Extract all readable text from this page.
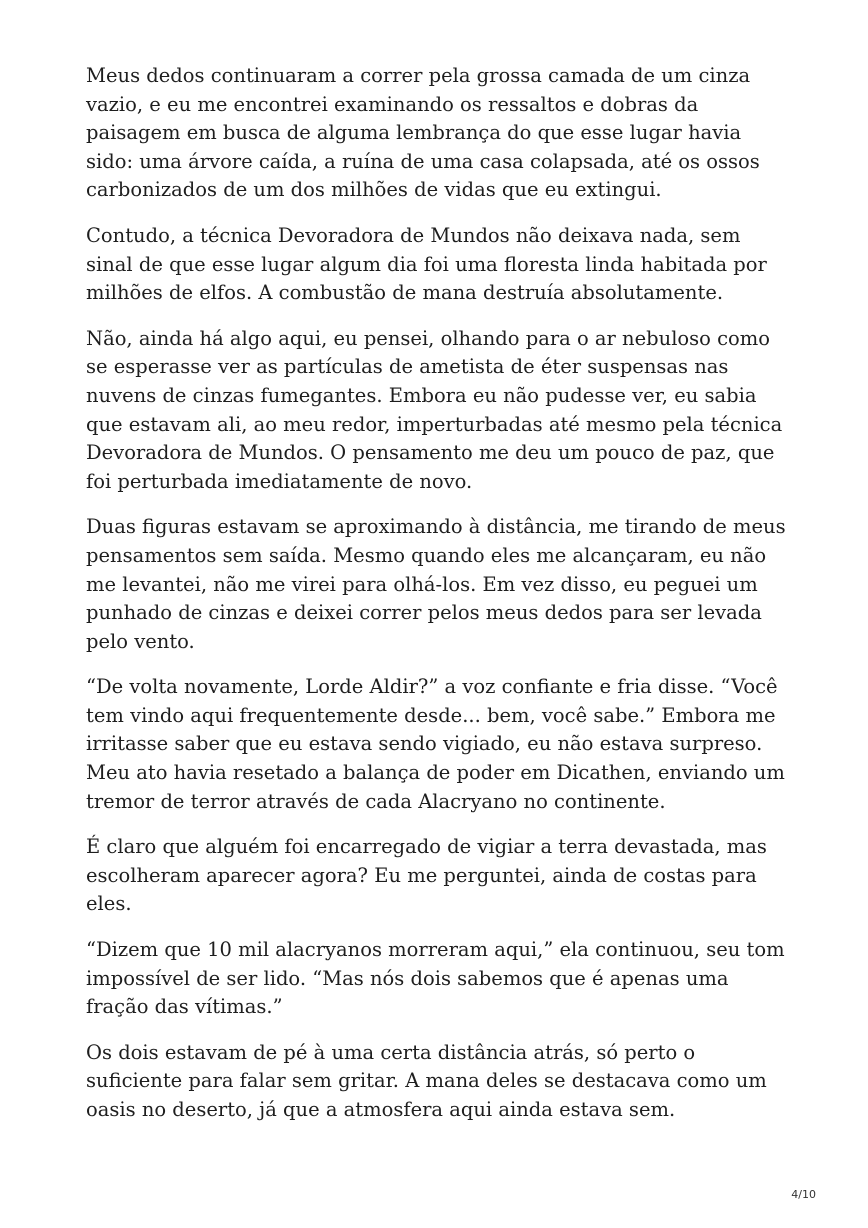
Meus dedos continuaram a correr pela grossa camada de um cinza vazio, e eu me encontrei examinando os ressaltos e dobras da paisagem em busca de alguma lembrança do que esse lugar havia sido: uma árvore caída, a ruína de uma casa colapsada, até os ossos carbonizados de um dos milhões de vidas que eu extingui.

Contudo, a técnica Devoradora de Mundos não deixava nada, sem sinal de que esse lugar algum dia foi uma floresta linda habitada por milhões de elfos. A combustão de mana destruía absolutamente.

Não, ainda há algo aqui, eu pensei, olhando para o ar nebuloso como se esperasse ver as partículas de ametista de éter suspensas nas nuvens de cinzas fumegantes. Embora eu não pudesse ver, eu sabia que estavam ali, ao meu redor, imperturbadas até mesmo pela técnica Devoradora de Mundos. O pensamento me deu um pouco de paz, que foi perturbada imediatamente de novo.

Duas figuras estavam se aproximando à distância, me tirando de meus pensamentos sem saída. Mesmo quando eles me alcançaram, eu não me levantei, não me virei para olhá-los. Em vez disso, eu peguei um punhado de cinzas e deixei correr pelos meus dedos para ser levada pelo vento.

“De volta novamente, Lorde Aldir?” a voz confiante e fria disse. “Você tem vindo aqui frequentemente desde... bem, você sabe.” Embora me irritasse saber que eu estava sendo vigiado, eu não estava surpreso. Meu ato havia resetado a balança de poder em Dicathen, enviando um tremor de terror através de cada Alacryano no continente.

É claro que alguém foi encarregado de vigiar a terra devastada, mas escolheram aparecer agora? Eu me perguntei, ainda de costas para eles.

“Dizem que 10 mil alacryanos morreram aqui,” ela continuou, seu tom impossível de ser lido. “Mas nós dois sabemos que é apenas uma fração das vítimas.”

Os dois estavam de pé à uma certa distância atrás, só perto o suficiente para falar sem gritar. A mana deles se destacava como um oasis no deserto, já que a atmosfera aqui ainda estava sem.

4/10
